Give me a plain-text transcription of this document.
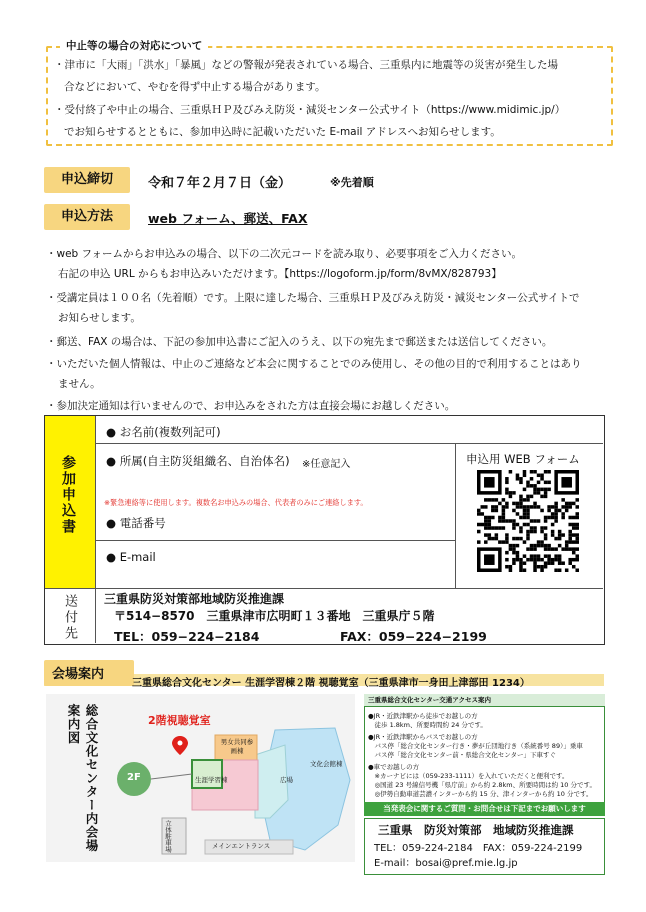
中止等の場合の対応について
・津市に「大雨」「洪水」「暴風」などの警報が発表されている場合、三重県内に地震等の災害が発生した場
合などにおいて、やむを得ず中止する場合があります。
・受付終了や中止の場合、三重県ＨＰ及びみえ防災・減災センター公式サイト（https://www.midimic.jp/）
でお知らせするとともに、参加申込時に記載いただいた E-mail アドレスへお知らせします。
申込締切	令和７年２月７日（金）	※先着順
申込方法	web フォーム、郵送、FAX
・web フォームからお申込みの場合、以下の二次元コードを読み取り、必要事項をご入力ください。
右記の申込 URL からもお申込みいただけます。【https://logoform.jp/form/8vMX/828793】
・受講定員は１００名（先着順）です。上限に達した場合、三重県ＨＰ及びみえ防災・減災センター公式サイトで
お知らせします。
・郵送、FAX の場合は、下記の参加申込書にご記入のうえ、以下の宛先まで郵送または送信してください。
・いただいた個人情報は、中止のご連絡など本会に関することでのみ使用し、その他の目的で利用することはあり
ません。
・参加決定通知は行いませんので、お申込みをされた方は直接会場にお越しください。
参加申込書
● お名前(複数列記可)
● 所属(自主防災組織名、自治体名) ※任意記入
※緊急連絡等に使用します。複数名お申込みの場合、代表者のみにご連絡します。
● 電話番号
● E-mail
申込用 WEB フォーム
送付先 三重県防災対策部地域防災推進課
〒514−8570　三重県津市広明町１３番地　三重県庁５階
TEL：059−224−2184	FAX：059−224−2199
会場案内
三重県総合文化センター 生涯学習棟２階 視聴覚室（三重県津市一身田上津部田 1234）
総合文化センター内会場案内図	2階視聴覚室
2F	生涯学習棟
男女共同参画棟
広場
文化会館棟
立体駐車場	メインエントランス
三重県総合文化センター交通アクセス案内
●JR・近鉄津駅から徒歩でお越しの方
　徒歩 1.8km、所要時間約 24 分です。
●JR・近鉄津駅からバスでお越しの方
　バス停「総合文化センター行き・夢が丘団地行き（系統番号 89）」乗車
　バス停「総合文化センター前・県総合文化センター」下車すぐ
●車でお越しの方
　※カーナビには（059-233-1111）を入れていただくと便利です。
　◎国道 23 号線信号機「県庁前」から約 2.8km、所要時間は約 10 分です。
　◎伊勢自動車道芸濃インターから約 15 分、津インターから約 10 分です。
当発表会に関するご質問・お問合せは下記までお願いします
三重県　防災対策部　地域防災推進課
TEL：059-224-2184　FAX：059-224-2199
E-mail：bosai@pref.mie.lg.jp
